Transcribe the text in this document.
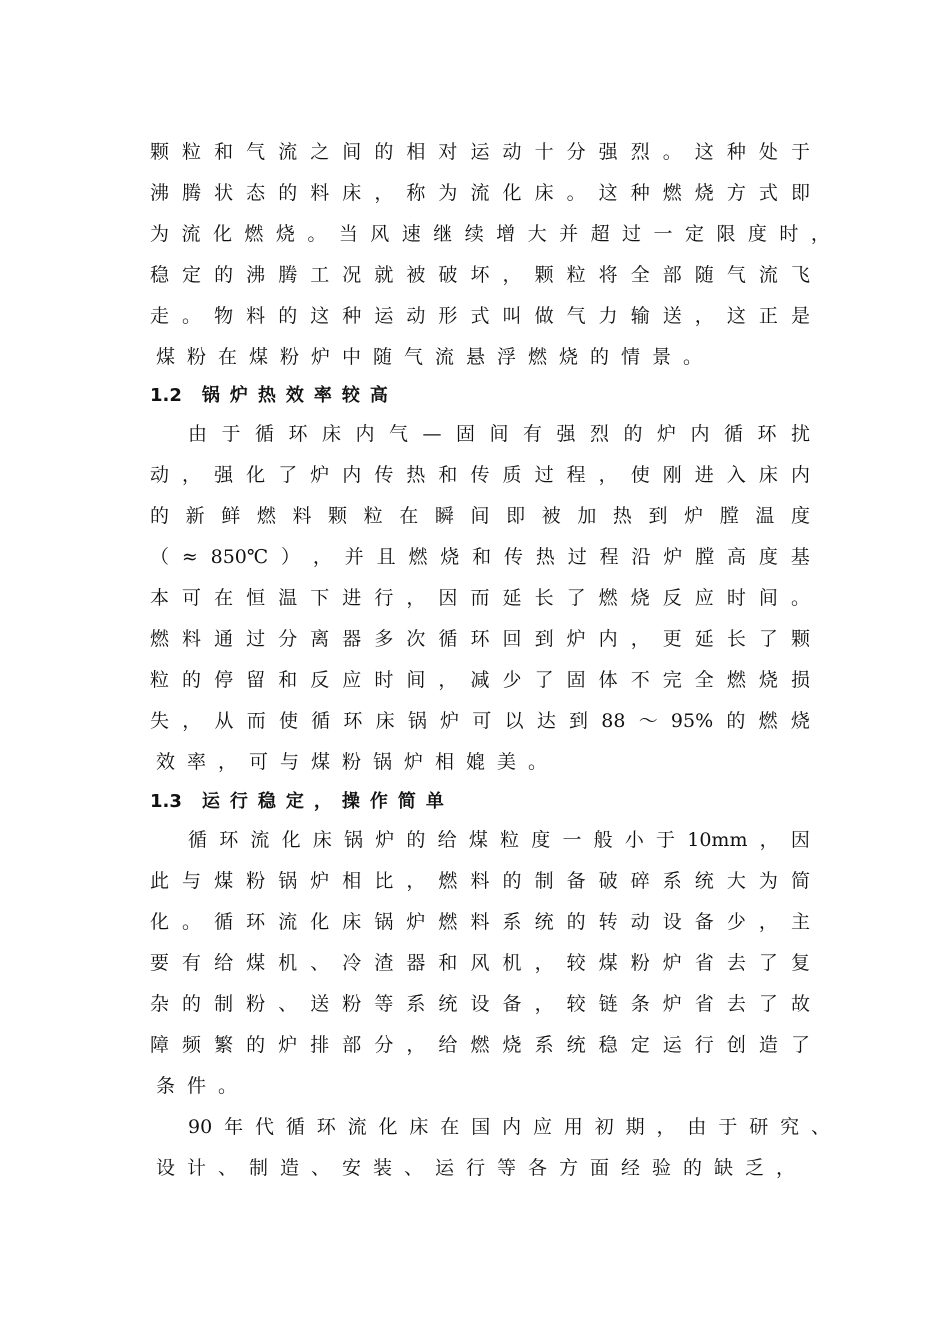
颗 粒 和 气 流 之 间 的 相 对 运 动 十 分 强 烈 。 这 种 处 于
沸 腾 状 态 的 料 床 ， 称 为 流 化 床 。 这 种 燃 烧 方 式 即
为 流 化 燃 烧 。 当 风 速 继 续 增 大 并 超 过 一 定 限 度 时 ，
稳 定 的 沸 腾 工 况 就 被 破 坏 ， 颗 粒 将 全 部 随 气 流 飞
走 。 物 料 的 这 种 运 动 形 式 叫 做 气 力 输 送 ， 这 正 是
煤 粉 在 煤 粉 炉 中 随 气 流 悬 浮 燃 烧 的 情 景 。
1.2 锅炉热效率较高
由 于 循 环 床 内 气 — 固 间 有 强 烈 的 炉 内 循 环 扰
动 ， 强 化 了 炉 内 传 热 和 传 质 过 程 ， 使 刚 进 入 床 内
的 新 鲜 燃 料 颗 粒 在 瞬 间 即 被 加 热 到 炉 膛 温 度
（ ≈ 850℃ ） ， 并 且 燃 烧 和 传 热 过 程 沿 炉 膛 高 度 基
本 可 在 恒 温 下 进 行 ， 因 而 延 长 了 燃 烧 反 应 时 间 。
燃 料 通 过 分 离 器 多 次 循 环 回 到 炉 内 ， 更 延 长 了 颗
粒 的 停 留 和 反 应 时 间 ， 减 少 了 固 体 不 完 全 燃 烧 损
失 ， 从 而 使 循 环 床 锅 炉 可 以 达 到 88 ～ 95% 的 燃 烧
效 率 ， 可 与 煤 粉 锅 炉 相 媲 美 。
1.3 运行稳定，操作简单
循 环 流 化 床 锅 炉 的 给 煤 粒 度 一 般 小 于 10mm ， 因
此 与 煤 粉 锅 炉 相 比 ， 燃 料 的 制 备 破 碎 系 统 大 为 简
化 。 循 环 流 化 床 锅 炉 燃 料 系 统 的 转 动 设 备 少 ， 主
要 有 给 煤 机 、 冷 渣 器 和 风 机 ， 较 煤 粉 炉 省 去 了 复
杂 的 制 粉 、 送 粉 等 系 统 设 备 ， 较 链 条 炉 省 去 了 故
障 频 繁 的 炉 排 部 分 ， 给 燃 烧 系 统 稳 定 运 行 创 造 了
条 件 。
90 年 代 循 环 流 化 床 在 国 内 应 用 初 期 ， 由 于 研 究 、
设 计 、 制 造 、 安 装 、 运 行 等 各 方 面 经 验 的 缺 乏 ，
